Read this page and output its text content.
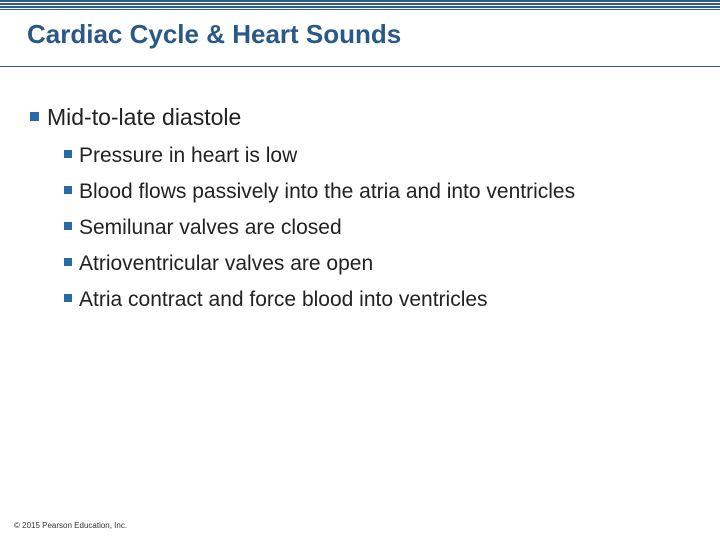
Cardiac Cycle & Heart Sounds
Mid-to-late diastole
Pressure in heart is low
Blood flows passively into the atria and into ventricles
Semilunar valves are closed
Atrioventricular valves are open
Atria contract and force blood into ventricles
© 2015 Pearson Education, Inc.
